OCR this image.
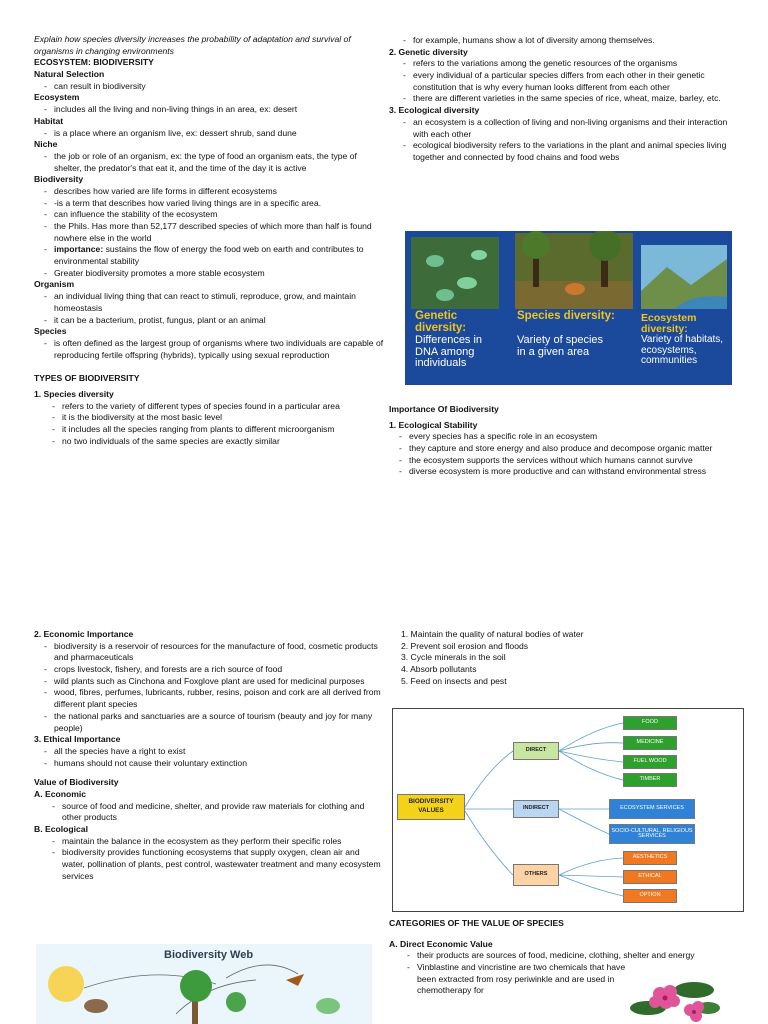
Explain how species diversity increases the probability of adaptation and survival of organisms in changing environments

ECOSYSTEM: BIODIVERSITY

Natural Selection

- can result in biodiversity

Ecosystem

- includes all the living and non-living things in an area, ex: desert

Habitat

- is a place where an organism live, ex: dessert shrub, sand dune

Niche

- the job or role of an organism, ex: the type of food an organism eats, the type of shelter, the predator's that eat it, and the time of the day it is active

Biodiversity

- describes how varied are life forms in different ecosystems
- -is a term that describes how varied living things are in a specific area.
- can influence the stability of the ecosystem
- the Phils. Has more than 52,177 described species of which more than half is found nowhere else in the world
- importance: sustains the flow of energy the food web on earth and contributes to environmental stability
- Greater biodiversity promotes a more stable ecosystem

Organism

- an individual living thing that can react to stimuli, reproduce, grow, and maintain homeostasis
- it can be a bacterium, protist, fungus, plant or an animal

Species

- is often defined as the largest group of organisms where two individuals are capable of reproducing fertile offspring (hybrids), typically using sexual reproduction

TYPES OF BIODIVERSITY

1. Species diversity

- refers to the variety of different types of species found in a particular area
- it is the biodiversity at the most basic level
- it includes all the species ranging from plants to different microorganism
- no two individuals of the same species are exactly similar
- for example, humans show a lot of diversity among themselves.

2. Genetic diversity

- refers to the variations among the genetic resources of the organisms
- every individual of a particular species differs from each other in their genetic constitution that is why every human looks different from each other
- there are different varieties in the same species of rice, wheat, maize, barley, etc.

3. Ecological diversity

- an ecosystem is a collection of living and non-living organisms and their interaction with each other
- ecological biodiversity refers to the variations in the plant and animal species living together and connected by food chains and food webs
Genetic diversity:
Differences in DNA among individuals
Species diversity:
Variety of species in a given area
Ecosystem diversity:
Variety of habitats, ecosystems, communities

Importance Of Biodiversity

1. Ecological Stability

- every species has a specific role in an ecosystem
- they capture and store energy and also produce and decompose organic matter
- the ecosystem supports the services without which humans cannot survive
- diverse ecosystem is more productive and can withstand environmental stress

2. Economic Importance

- biodiversity is a reservoir of resources for the manufacture of food, cosmetic products and pharmaceuticals
- crops livestock, fishery, and forests are a rich source of food
- wild plants such as Cinchona and Foxglove plant are used for medicinal purposes
- wood, fibres, perfumes, lubricants, rubber, resins, poison and cork are all derived from different plant species
- the national parks and sanctuaries are a source of tourism (beauty and joy for many people)

3. Ethical Importance

- all the species have a right to exist
- humans should not cause their voluntary extinction

Value of Biodiversity

A. Economic

- source of food and medicine, shelter, and provide raw materials for clothing and other products

B. Ecological

- maintain the balance in the ecosystem as they perform their specific roles
- biodiversity provides functioning ecosystems that supply oxygen, clean air and water, pollination of plants, pest control, wastewater treatment and many ecosystem services
Biodiversity Web
1. Maintain the quality of natural bodies of water
2. Prevent soil erosion and floods
3. Cycle minerals in the soil
4. Absorb pollutants
5. Feed on insects and pest
BIODIVERSITY VALUES
DIRECT
INDIRECT
OTHERS
FOOD
MEDICINE
FUEL WOOD
TIMBER
ECOSYSTEM SERVICES
SOCIO-CULTURAL, RELIGIOUS SERVICES
AESTHETICS
ETHICAL
OPTION

CATEGORIES OF THE VALUE OF SPECIES

A. Direct Economic Value

- their products are sources of food, medicine, clothing, shelter and energy
- Vinblastine and vincristine are two chemicals that have been extracted from rosy periwinkle and are used in chemotherapy for
